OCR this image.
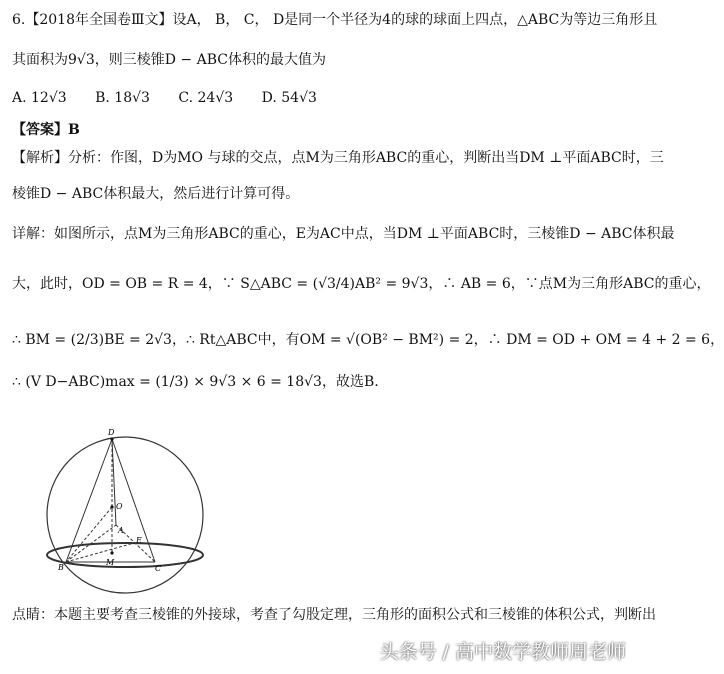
6.【2018年全国卷Ⅲ文】设A， B， C， D是同一个半径为4的球的球面上四点，△ABC为等边三角形且
其面积为9√3，则三棱锥D − ABC体积的最大值为
A. 12√3 B. 18√3 C. 24√3 D. 54√3
【答案】B
【解析】分析：作图，D为MO 与球的交点，点M为三角形ABC的重心，判断出当DM ⊥平面ABC时，三
棱锥D − ABC体积最大，然后进行计算可得。
详解：如图所示，点M为三角形ABC的重心，E为AC中点，当DM ⊥平面ABC时，三棱锥D − ABC体积最
大，此时，OD = OB = R = 4，∵ S△ABC = (√3/4)AB² = 9√3，∴ AB = 6，∵点M为三角形ABC的重心，
∴ BM = (2/3)BE = 2√3，∴ Rt△ABC中，有OM = √(OB² − BM²) = 2，∴ DM = OD + OM = 4 + 2 = 6，
∴ (V D−ABC)max = (1/3) × 9√3 × 6 = 18√3，故选B.
D
O
A
E
B
M
C
点睛：本题主要考查三棱锥的外接球，考查了勾股定理，三角形的面积公式和三棱锥的体积公式，判断出
头条号 / 高中数学教师周老师
